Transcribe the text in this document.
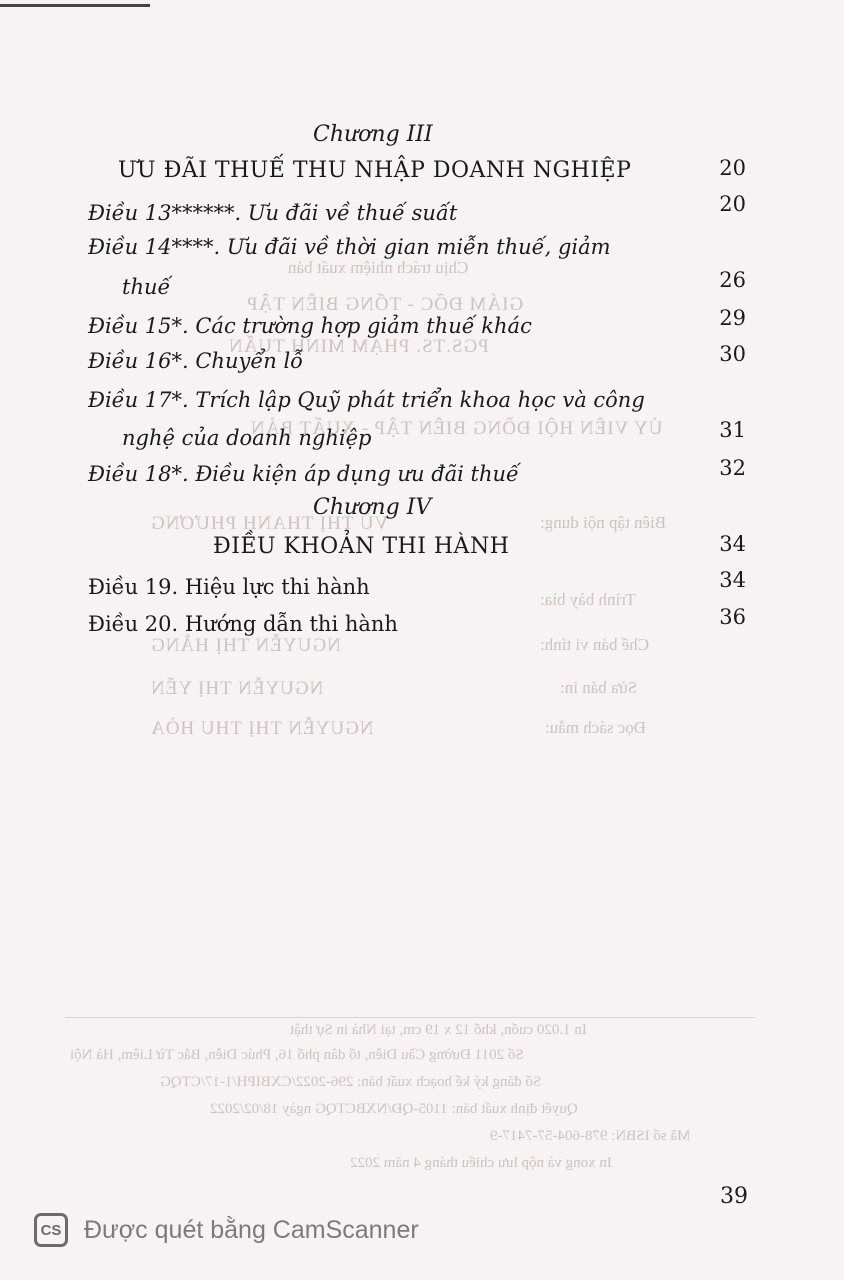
Chịu trách nhiệm xuất bản
GIÁM ĐỐC - TỔNG BIÊN TẬP
PGS.TS. PHẠM MINH TUẤN
ỦY VIÊN HỘI ĐỒNG BIÊN TẬP - XUẤT BẢN
Biên tập nội dung:
VŨ THỊ THANH PHƯƠNG
Trình bày bìa:
Chế bản vi tính:
NGUYỄN THỊ HẰNG
Sửa bản in:
NGUYỄN THỊ YẾN
Đọc sách mẫu:
NGUYỄN THỊ THU HÒA
In 1.020 cuốn, khổ 12 x 19 cm, tại Nhà in Sự thật
Số 2011 Đường Cầu Diễn, tổ dân phố 16, Phúc Diễn, Bắc Từ Liêm, Hà Nội
Số đăng ký kế hoạch xuất bản: 296-2022/CXBIPH/1-17/CTQG
Quyết định xuất bản: 1105-QĐ/NXBCTQG ngày 18/02/2022
Mã số ISBN: 978-604-57-7417-9
In xong và nộp lưu chiểu tháng 4 năm 2022
Chương III
ƯU ĐÃI THUẾ THU NHẬP DOANH NGHIỆP	20
Điều 13******. Ưu đãi về thuế suất	20
Điều 14****. Ưu đãi về thời gian miễn thuế, giảm
thuế	26
Điều 15*. Các trường hợp giảm thuế khác	29
Điều 16*. Chuyển lỗ	30
Điều 17*. Trích lập Quỹ phát triển khoa học và công
nghệ của doanh nghiệp	31
Điều 18*. Điều kiện áp dụng ưu đãi thuế	32
Chương IV
ĐIỀU KHOẢN THI HÀNH	34
Điều 19. Hiệu lực thi hành	34
Điều 20. Hướng dẫn thi hành	36
39
CS Được quét bằng CamScanner
